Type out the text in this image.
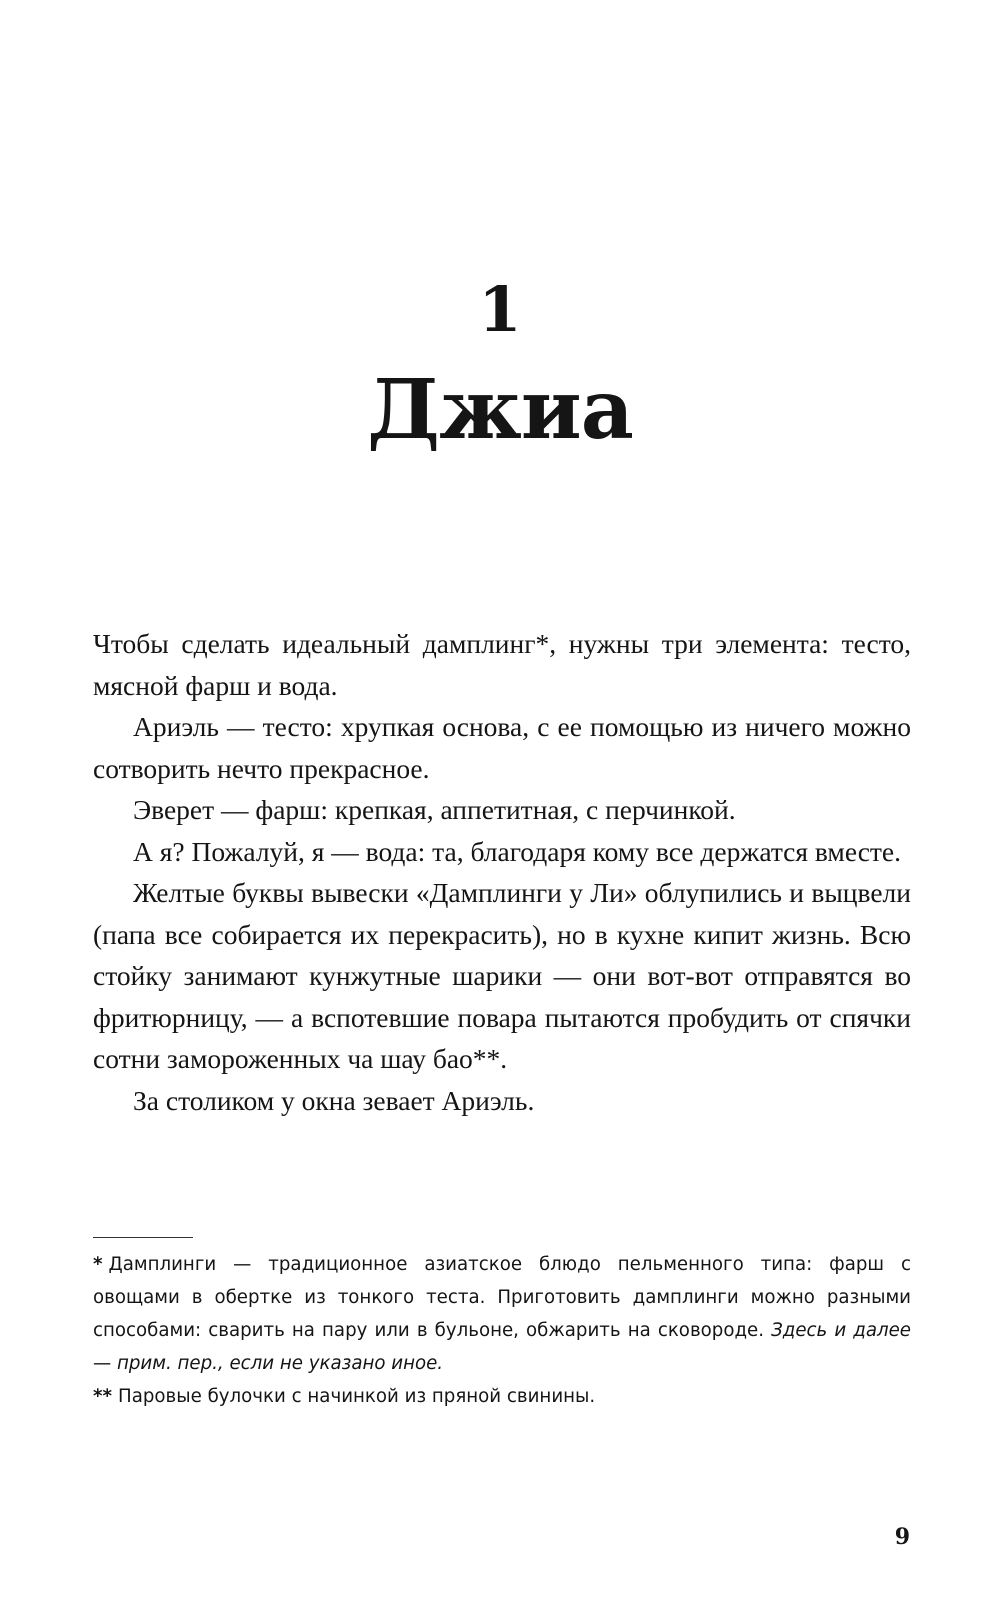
1
Джиа

Чтобы сделать идеальный дамплинг*, нужны три элемента: тесто, мясной фарш и вода.

Ариэль — тесто: хрупкая основа, с ее помощью из ничего можно сотворить нечто прекрасное.

Эверет — фарш: крепкая, аппетитная, с перчинкой.

А я? Пожалуй, я — вода: та, благодаря кому все держатся вместе.

Желтые буквы вывески «Дамплинги у Ли» облупились и выцвели (папа все собирается их перекрасить), но в кухне кипит жизнь. Всю стойку занимают кунжутные шарики — они вот-вот отправятся во фритюрницу, — а вспотевшие повара пытаются пробудить от спячки сотни замороженных ча шау бао**.

За столиком у окна зевает Ариэль.

* Дамплинги — традиционное азиатское блюдо пельменного типа: фарш с овощами в обертке из тонкого теста. Приготовить дамплинги можно разными способами: сварить на пару или в бульоне, обжарить на сковороде. Здесь и далее — прим. пер., если не указано иное.

** Паровые булочки с начинкой из пряной свинины.

9
